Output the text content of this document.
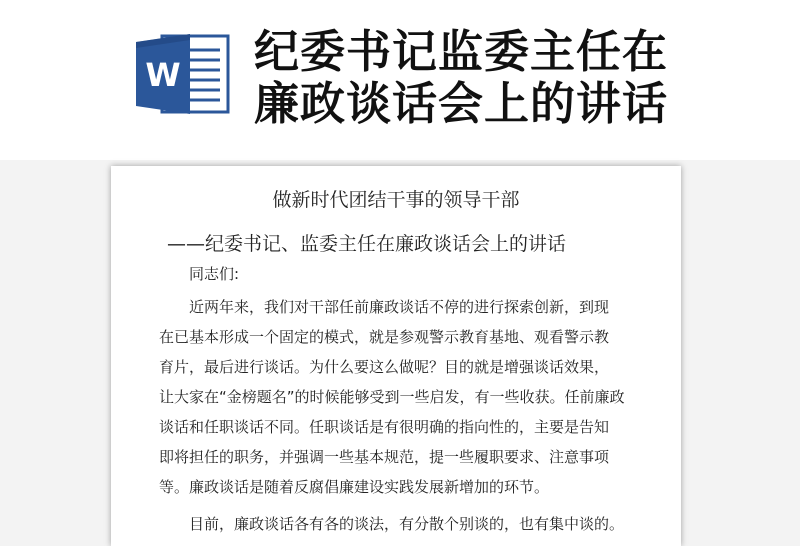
W 纪委书记监委主任在
廉政谈话会上的讲话
做新时代团结干事的领导干部
——纪委书记、监委主任在廉政谈话会上的讲话
同志们:
　　近两年来，我们对干部任前廉政谈话不停的进行探索创新，到现
在已基本形成一个固定的模式，就是参观警示教育基地、观看警示教
育片，最后进行谈话。为什么要这么做呢？目的就是增强谈话效果，
让大家在“金榜题名”的时候能够受到一些启发，有一些收获。任前廉政
谈话和任职谈话不同。任职谈话是有很明确的指向性的，主要是告知
即将担任的职务，并强调一些基本规范，提一些履职要求、注意事项
等。廉政谈话是随着反腐倡廉建设实践发展新增加的环节。
　　目前，廉政谈话各有各的谈法，有分散个别谈的，也有集中谈的。
